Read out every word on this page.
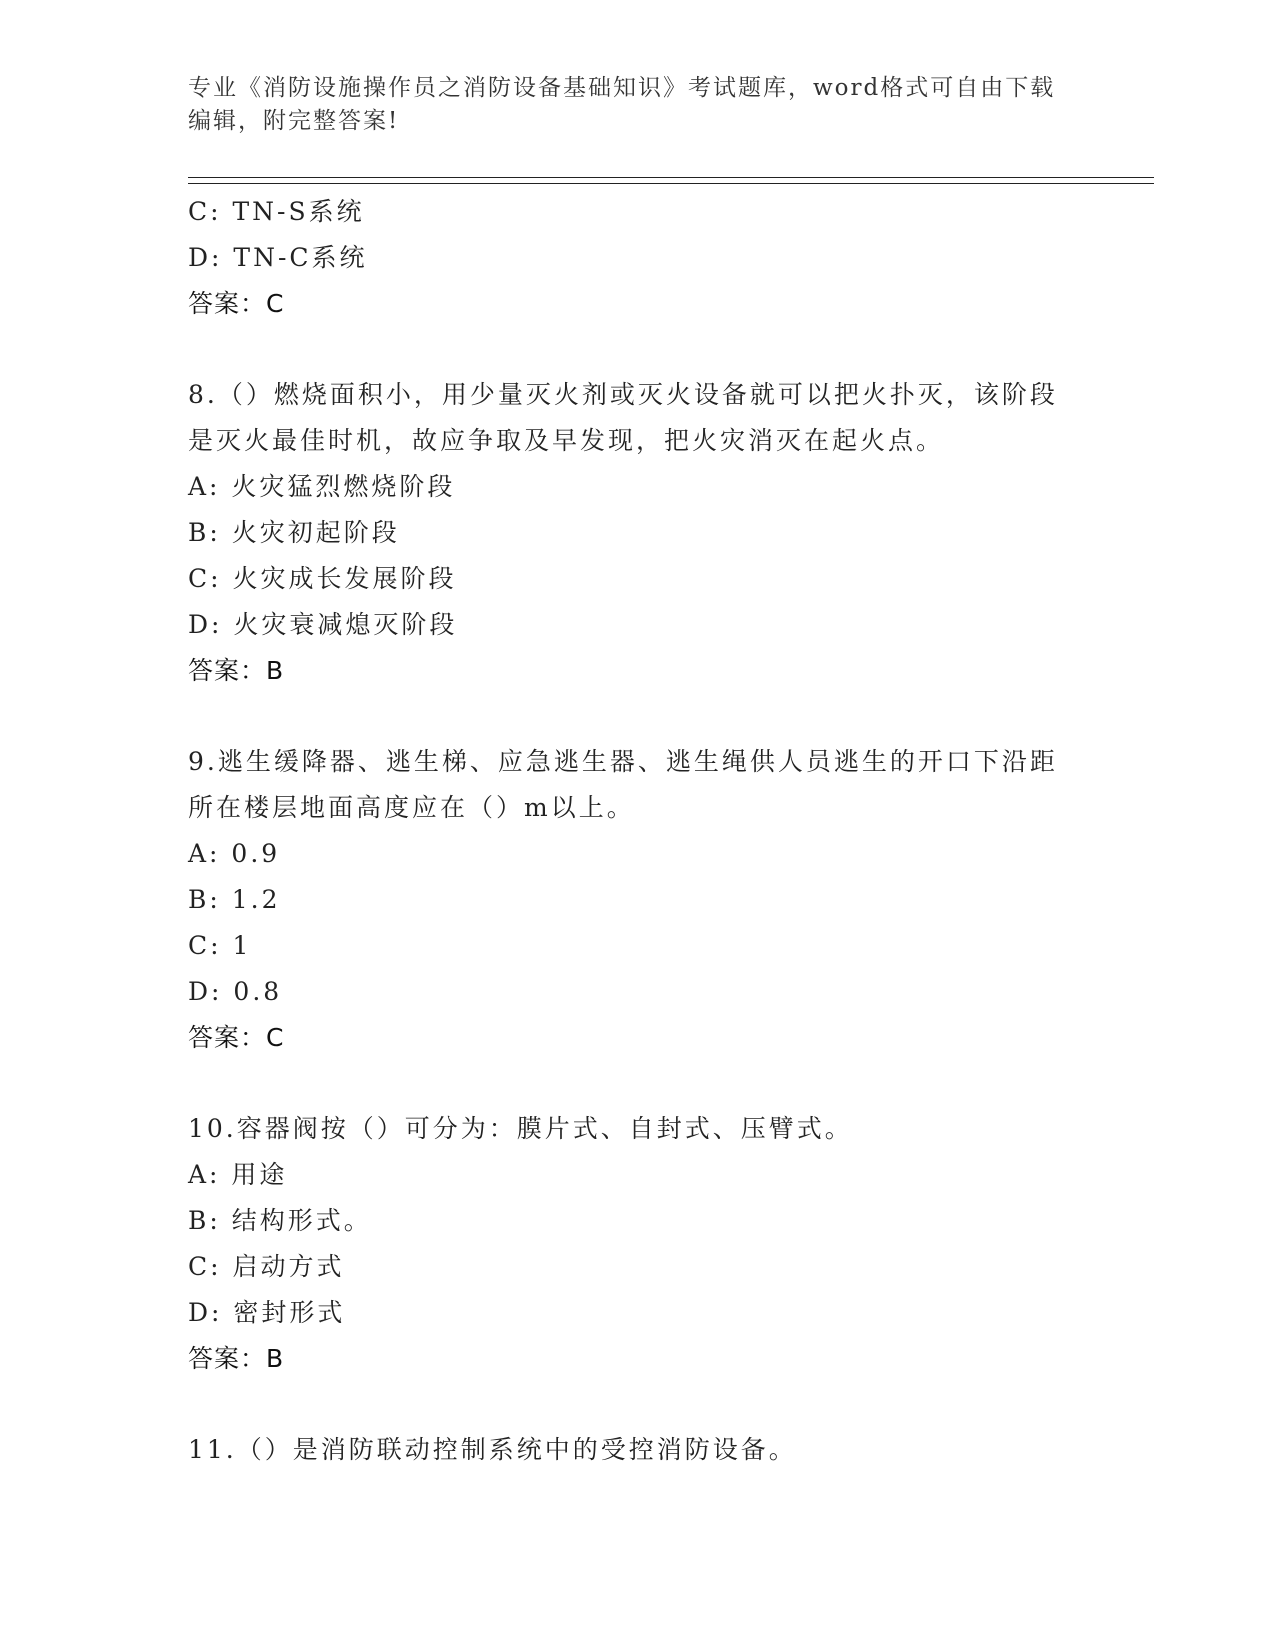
专业《消防设施操作员之消防设备基础知识》考试题库，word格式可自由下载编辑，附完整答案!
C: TN-S系统
D: TN-C系统
答案：C
8.（）燃烧面积小，用少量灭火剂或灭火设备就可以把火扑灭，该阶段是灭火最佳时机，故应争取及早发现，把火灾消灭在起火点。
A: 火灾猛烈燃烧阶段
B: 火灾初起阶段
C: 火灾成长发展阶段
D: 火灾衰减熄灭阶段
答案：B
9.逃生缓降器、逃生梯、应急逃生器、逃生绳供人员逃生的开口下沿距所在楼层地面高度应在（）m以上。
A: 0.9
B: 1.2
C: 1
D: 0.8
答案：C
10.容器阀按（）可分为：膜片式、自封式、压臂式。
A: 用途
B: 结构形式。
C: 启动方式
D: 密封形式
答案：B
11.（）是消防联动控制系统中的受控消防设备。
